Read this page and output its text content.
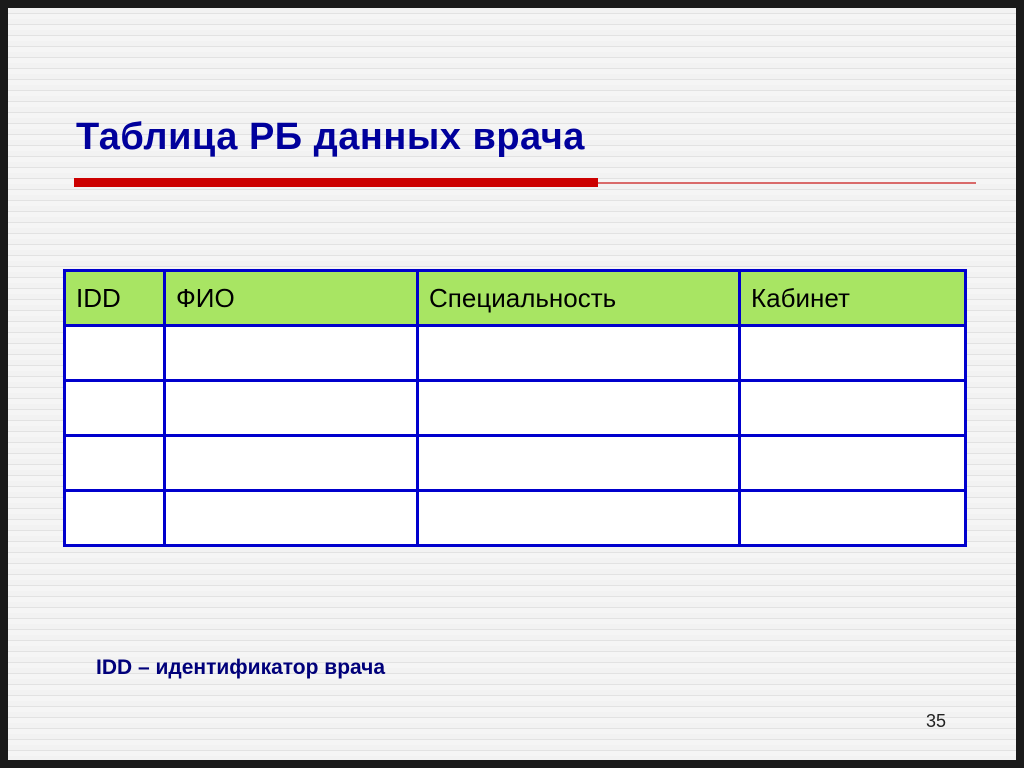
Таблица РБ данных врача
IDD	ФИО	Специальность	Кабинет

IDD – идентификатор врача
35
